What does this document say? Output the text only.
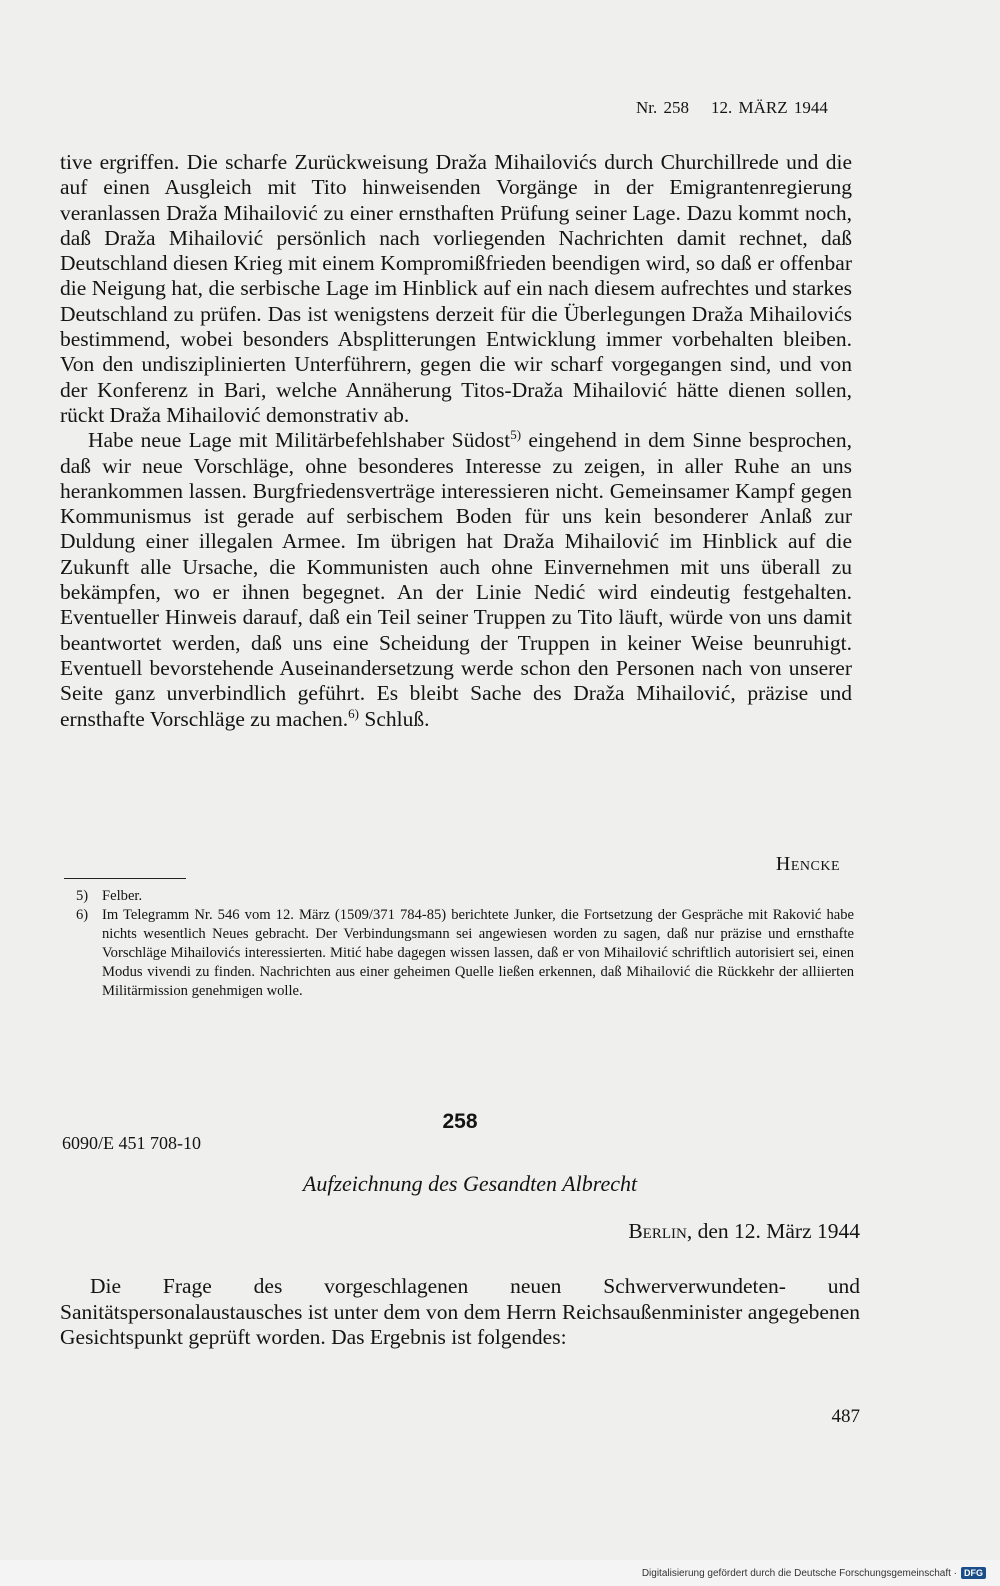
Nr. 258 12. MÄRZ 1944

tive ergriffen. Die scharfe Zurückweisung Draža Mihailovićs durch Churchillrede und die auf einen Ausgleich mit Tito hinweisenden Vorgänge in der Emigrantenregierung veranlassen Draža Mihailović zu einer ernsthaften Prüfung seiner Lage. Dazu kommt noch, daß Draža Mihailović persönlich nach vorliegenden Nachrichten damit rechnet, daß Deutschland diesen Krieg mit einem Kompromißfrieden beendigen wird, so daß er offenbar die Neigung hat, die serbische Lage im Hinblick auf ein nach diesem aufrechtes und starkes Deutschland zu prüfen. Das ist wenigstens derzeit für die Überlegungen Draža Mihailovićs bestimmend, wobei besonders Absplitterungen Entwicklung immer vorbehalten bleiben. Von den undisziplinierten Unterführern, gegen die wir scharf vorgegangen sind, und von der Konferenz in Bari, welche Annäherung Titos-Draža Mihailović hätte dienen sollen, rückt Draža Mihailović demonstrativ ab.

Habe neue Lage mit Militärbefehlshaber Südost$^{5)}$ eingehend in dem Sinne besprochen, daß wir neue Vorschläge, ohne besonderes Interesse zu zeigen, in aller Ruhe an uns herankommen lassen. Burgfriedensverträge interessieren nicht. Gemeinsamer Kampf gegen Kommunismus ist gerade auf serbischem Boden für uns kein besonderer Anlaß zur Duldung einer illegalen Armee. Im übrigen hat Draža Mihailović im Hinblick auf die Zukunft alle Ursache, die Kommunisten auch ohne Einvernehmen mit uns überall zu bekämpfen, wo er ihnen begegnet. An der Linie Nedić wird eindeutig festgehalten. Eventueller Hinweis darauf, daß ein Teil seiner Truppen zu Tito läuft, würde von uns damit beantwortet werden, daß uns eine Scheidung der Truppen in keiner Weise beunruhigt. Eventuell bevorstehende Auseinandersetzung werde schon den Personen nach von unserer Seite ganz unverbindlich geführt. Es bleibt Sache des Draža Mihailović, präzise und ernsthafte Vorschläge zu machen.$^{6)}$ Schluß.

Hencke
5) Felber.
6) Im Telegramm Nr. 546 vom 12. März (1509/371 784-85) berichtete Junker, die Fortsetzung der Gespräche mit Raković habe nichts wesentlich Neues gebracht. Der Verbindungsmann sei angewiesen worden zu sagen, daß nur präzise und ernsthafte Vorschläge Mihailovićs interessierten. Mitić habe dagegen wissen lassen, daß er von Mihailović schriftlich autorisiert sei, einen Modus vivendi zu finden. Nachrichten aus einer geheimen Quelle ließen erkennen, daß Mihailović die Rückkehr der alliierten Militärmission genehmigen wolle.
258
6090/E 451 708-10
Aufzeichnung des Gesandten Albrecht
Berlin, den 12. März 1944

Die Frage des vorgeschlagenen neuen Schwerverwundeten- und Sanitätspersonalaustausches ist unter dem von dem Herrn Reichsaußenminister angegebenen Gesichtspunkt geprüft worden. Das Ergebnis ist folgendes:

487
Digitalisierung gefördert durch die Deutsche Forschungsgemeinschaft · DFG
